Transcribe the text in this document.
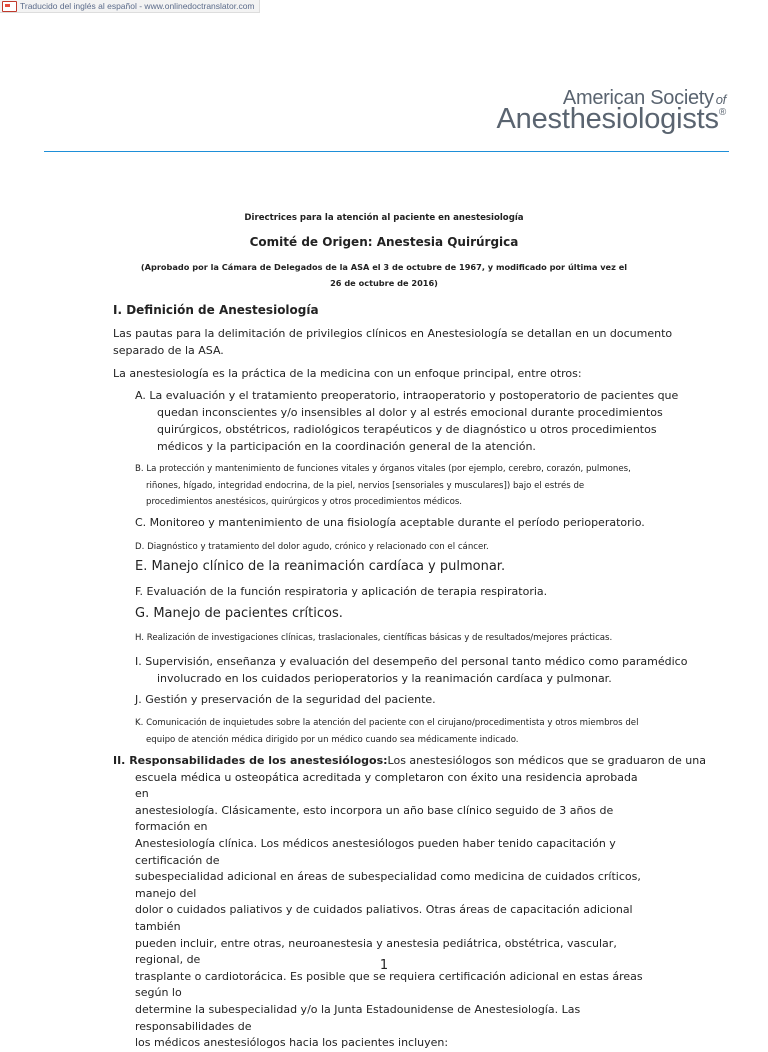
Traducido del inglés al español - www.onlinedoctranslator.com
American Society of
Anesthesiologists®
Directrices para la atención al paciente en anestesiología
Comité de Origen: Anestesia Quirúrgica
(Aprobado por la Cámara de Delegados de la ASA el 3 de octubre de 1967, y modificado por última vez el
26 de octubre de 2016)
I. Definición de Anestesiología
Las pautas para la delimitación de privilegios clínicos en Anestesiología se detallan en un documento
separado de la ASA.
La anestesiología es la práctica de la medicina con un enfoque principal, entre otros:
A. La evaluación y el tratamiento preoperatorio, intraoperatorio y postoperatorio de pacientes que
quedan inconscientes y/o insensibles al dolor y al estrés emocional durante procedimientos
quirúrgicos, obstétricos, radiológicos terapéuticos y de diagnóstico u otros procedimientos
médicos y la participación en la coordinación general de la atención.
B. La protección y mantenimiento de funciones vitales y órganos vitales (por ejemplo, cerebro, corazón, pulmones,
riñones, hígado, integridad endocrina, de la piel, nervios [sensoriales y musculares]) bajo el estrés de
procedimientos anestésicos, quirúrgicos y otros procedimientos médicos.
C. Monitoreo y mantenimiento de una fisiología aceptable durante el período perioperatorio.
D. Diagnóstico y tratamiento del dolor agudo, crónico y relacionado con el cáncer.
E. Manejo clínico de la reanimación cardíaca y pulmonar.
F. Evaluación de la función respiratoria y aplicación de terapia respiratoria.
G. Manejo de pacientes críticos.
H. Realización de investigaciones clínicas, traslacionales, científicas básicas y de resultados/mejores prácticas.
I. Supervisión, enseñanza y evaluación del desempeño del personal tanto médico como paramédico
involucrado en los cuidados perioperatorios y la reanimación cardíaca y pulmonar.
J. Gestión y preservación de la seguridad del paciente.
K. Comunicación de inquietudes sobre la atención del paciente con el cirujano/procedimentista y otros miembros del
equipo de atención médica dirigido por un médico cuando sea médicamente indicado.
II. Responsabilidades de los anestesiólogos:Los anestesiólogos son médicos que se graduaron de una
escuela médica u osteopática acreditada y completaron con éxito una residencia aprobada en
anestesiología. Clásicamente, esto incorpora un año base clínico seguido de 3 años de formación en
Anestesiología clínica. Los médicos anestesiólogos pueden haber tenido capacitación y certificación de
subespecialidad adicional en áreas de subespecialidad como medicina de cuidados críticos, manejo del
dolor o cuidados paliativos y de cuidados paliativos. Otras áreas de capacitación adicional también
pueden incluir, entre otras, neuroanestesia y anestesia pediátrica, obstétrica, vascular, regional, de
trasplante o cardiotorácica. Es posible que se requiera certificación adicional en estas áreas según lo
determine la subespecialidad y/o la Junta Estadounidense de Anestesiología. Las responsabilidades de
los médicos anestesiólogos hacia los pacientes incluyen:
1
